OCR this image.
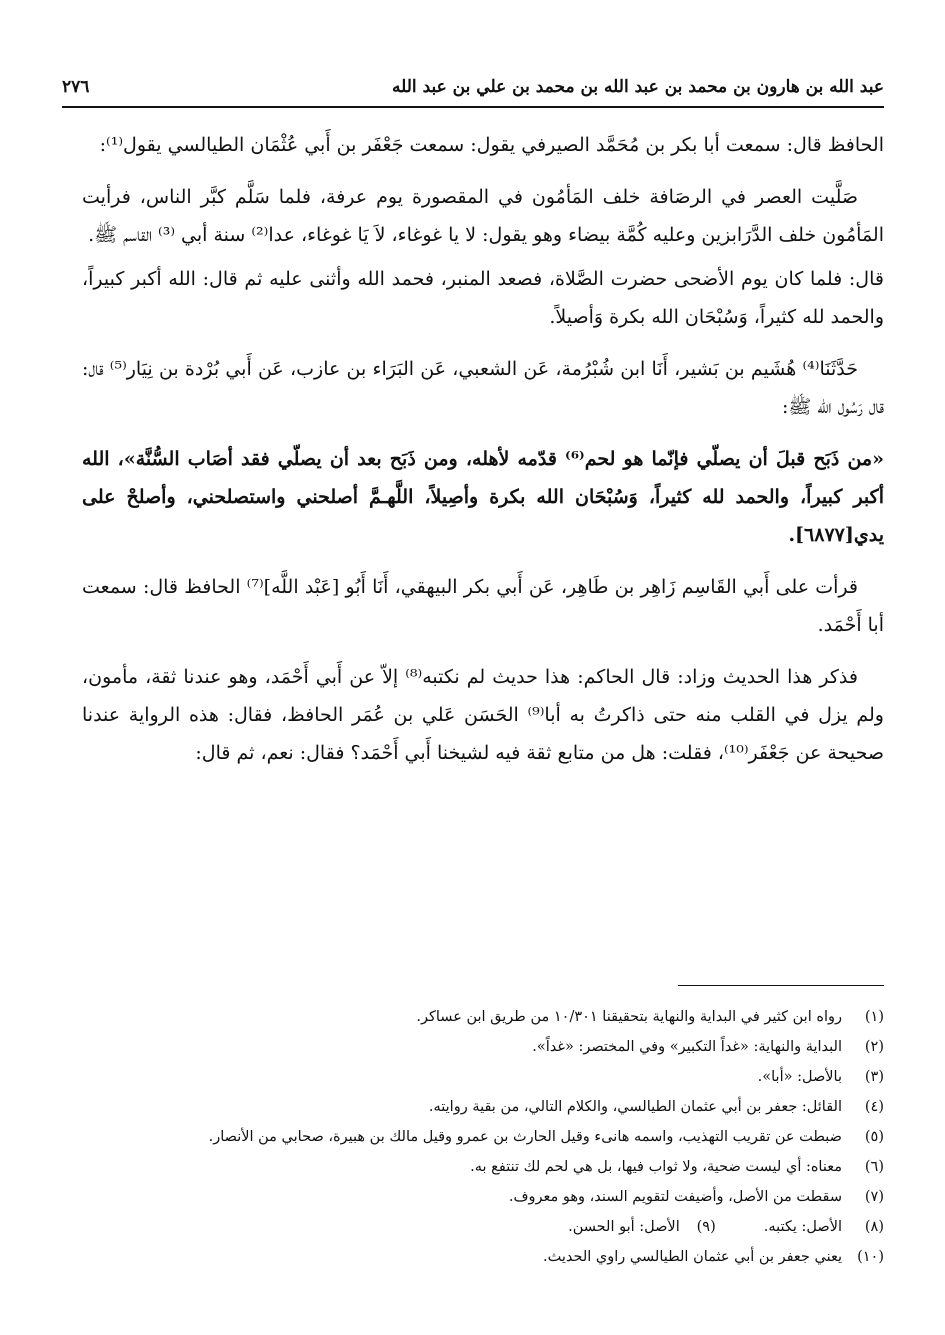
عبد الله بن هارون بن محمد بن عبد الله بن محمد بن علي بن عبد الله
٢٧٦

الحافظ قال: سمعت أبا بكر بن مُحَمَّد الصيرفي يقول: سمعت جَعْفَر بن أَبي عُثْمَان الطيالسي يقول⁽¹⁾:

صَلَّيت العصر في الرصَافة خلف المَأمُون في المقصورة يوم عرفة، فلما سَلَّم كبَّر الناس، فرأيت المَأمُون خلف الدَّرَابزين وعليه كُمَّة بيضاء وهو يقول: لا يا غوغاء، لاَ يَا غوغاء، عدا⁽²⁾ سنة أبي ⁽³⁾ القاسم ﷺ.

قال: فلما كان يوم الأضحى حضرت الصَّلاة، فصعد المنبر، فحمد الله وأثنى عليه ثم قال: الله أكبر كبيراً، والحمد لله كثيراً، وَسُبْحَان الله بكرة وَأصيلاً.

حَدَّثَنَا⁽⁴⁾ هُشَيم بن بَشير، أَنَا ابن شُبْرُمة، عَن الشعبي، عَن البَرَاء بن عازب، عَن أَبي بُرْدة بن نِيَار⁽⁵⁾ قال: قال رَسُول الله ﷺ:

«من ذَبَح قبلَ أن يصلّي فإنّما هو لحم⁽⁶⁾ قدّمه لأهله، ومن ذَبَح بعد أن يصلّي فقد أصَاب السُّنَّة»، الله أكبر كبيراً، والحمد لله كثيراً، وَسُبْحَان الله بكرة وأصِيلاً، اللَّهـمَّ أصلحني واستصلحني، وأصلحْ على يدي[٦٨٧٧].

قرأت على أَبي القَاسِم زَاهِر بن طَاهِر، عَن أَبي بكر البيهقي، أَنَا أَبُو [عَبْد اللَّه]⁽⁷⁾ الحافظ قال: سمعت أبا أَحْمَد.

فذكر هذا الحديث وزاد: قال الحاكم: هذا حديث لم نكتبه⁽⁸⁾ إلاّ عن أَبي أَحْمَد، وهو عندنا ثقة، مأمون، ولم يزل في القلب منه حتى ذاكرتُ به أبا⁽⁹⁾ الحَسَن عَلي بن عُمَر الحافظ، فقال: هذه الرواية عندنا صحيحة عن جَعْفَر⁽¹⁰⁾، فقلت: هل من متابع ثقة فيه لشيخنا أَبي أَحْمَد؟ فقال: نعم، ثم قال:

(١)
رواه ابن كثير في البداية والنهاية بتحقيقنا ١٠/٣٠١ من طريق ابن عساكر.
(٢)
البداية والنهاية: «غداً التكبير» وفي المختصر: «غداً».
(٣)
بالأصل: «أبا».
(٤)
القائل: جعفر بن أبي عثمان الطيالسي، والكلام التالي، من بقية روايته.
(٥)
ضبطت عن تقريب التهذيب، واسمه هانىء وقيل الحارث بن عمرو وقيل مالك بن هبيرة، صحابي من الأنصار.
(٦)
معناه: أي ليست ضحية، ولا ثواب فيها، بل هي لحم لك تنتفع به.
(٧)
سقطت من الأصل، وأضيفت لتقويم السند، وهو معروف.
(٨)
الأصل: يكتبه.
(٩)
الأصل: أبو الحسن.
(١٠)
يعني جعفر بن أبي عثمان الطيالسي راوي الحديث.
